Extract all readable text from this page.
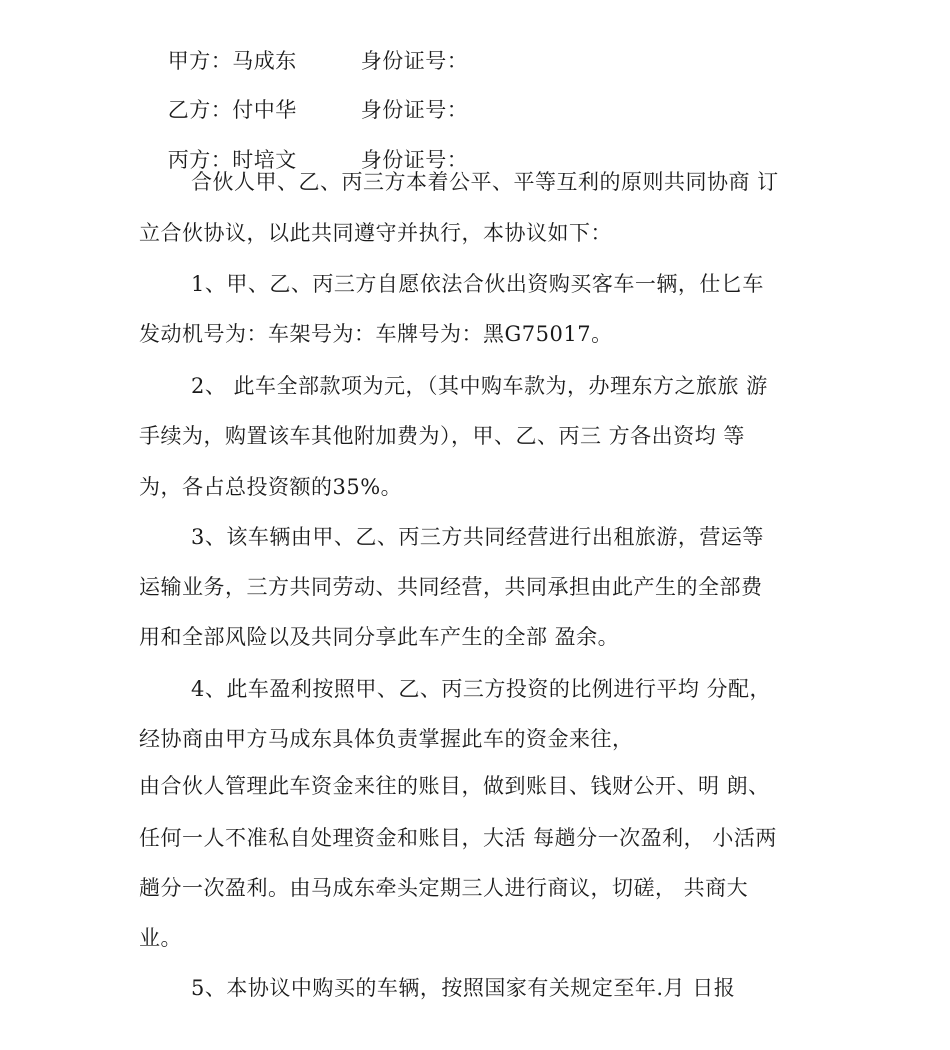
甲方：马成东	身份证号：

乙方：付中华	身份证号：

丙方：时培文	身份证号：

合伙人甲、乙、丙三方本着公平、平等互利的原则共同协商 订
立合伙协议，以此共同遵守并执行，本协议如下：
1、甲、乙、丙三方自愿依法合伙出资购买客车一辆，仕匕车
发动机号为：车架号为：车牌号为：黑G75017。
2、 此车全部款项为元，（其中购车款为，办理东方之旅旅 游
手续为，购置该车其他附加费为），甲、乙、丙三 方各出资均 等
为，各占总投资额的35%。
3、该车辆由甲、乙、丙三方共同经营进行出租旅游，营运等
运输业务，三方共同劳动、共同经营，共同承担由此产生的全部费
用和全部风险以及共同分享此车产生的全部 盈余。
4、此车盈利按照甲、乙、丙三方投资的比例进行平均 分配，
经协商由甲方马成东具体负责掌握此车的资金来往，
由合伙人管理此车资金来往的账目，做到账目、钱财公开、明 朗、
任何一人不准私自处理资金和账目，大活 每趟分一次盈利， 小活两
趟分一次盈利。由马成东牵头定期三人进行商议，切磋， 共商大
业。
5、本协议中购买的车辆，按照国家有关规定至年.月 日报
